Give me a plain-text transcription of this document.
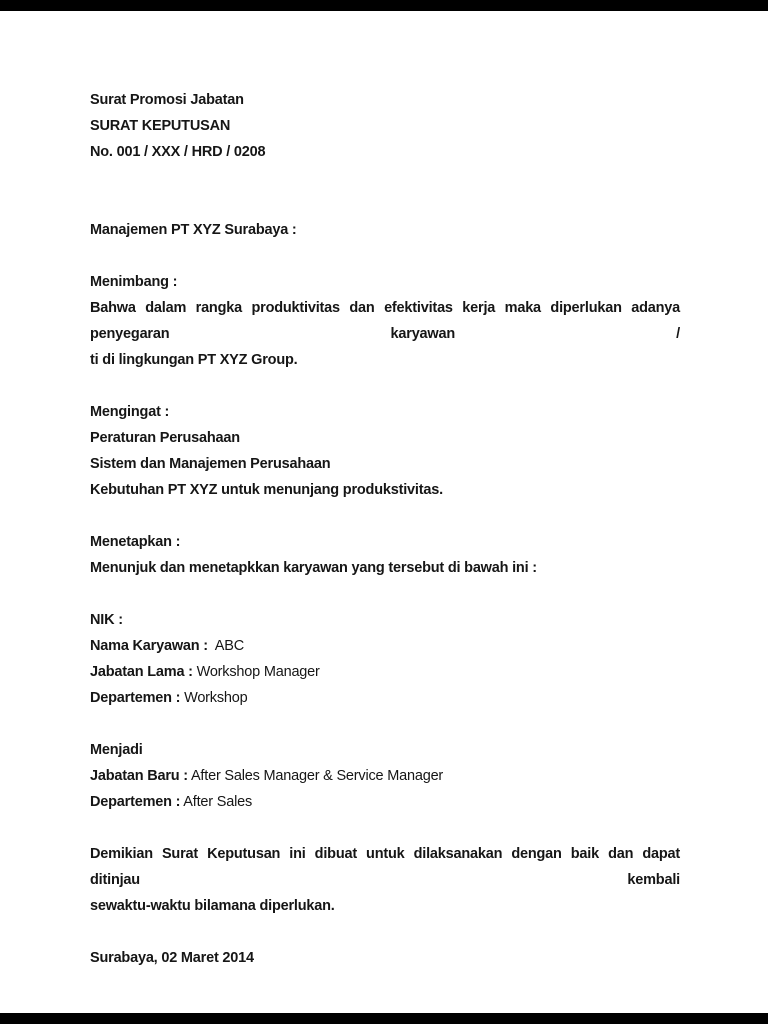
Surat Promosi Jabatan
SURAT KEPUTUSAN
No. 001 / XXX / HRD / 0208
Manajemen PT XYZ Surabaya :
Menimbang :
Bahwa dalam rangka produktivitas dan efektivitas kerja maka diperlukan adanya penyegaran karyawan /
ti di lingkungan PT XYZ Group.
Mengingat :
Peraturan Perusahaan
Sistem dan Manajemen Perusahaan
Kebutuhan PT XYZ untuk menunjang produkstivitas.
Menetapkan :
Menunjuk dan menetapkkan karyawan yang tersebut di bawah ini :
NIK :
Nama Karyawan :  ABC
Jabatan Lama : Workshop Manager
Departemen : Workshop
Menjadi
Jabatan Baru : After Sales Manager & Service Manager
Departemen : After Sales
Demikian Surat Keputusan ini dibuat untuk dilaksanakan dengan baik dan dapat ditinjau kembali
sewaktu-waktu bilamana diperlukan.
Surabaya, 02 Maret 2014
